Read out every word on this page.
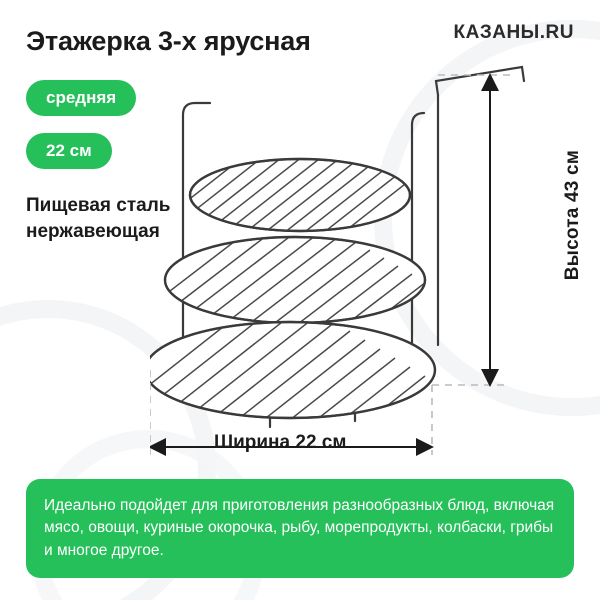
Этажерка 3-х ярусная	КАЗАНЫ.RU
средняя
22 см
Пищевая сталь
нержавеющая	Высота 43 см
Ширина 22 см
Идеально подойдет для приготовления разнообразных блюд, включая мясо, овощи, куриные окорочка, рыбу, морепродукты, колбаски, грибы и многое другое.
